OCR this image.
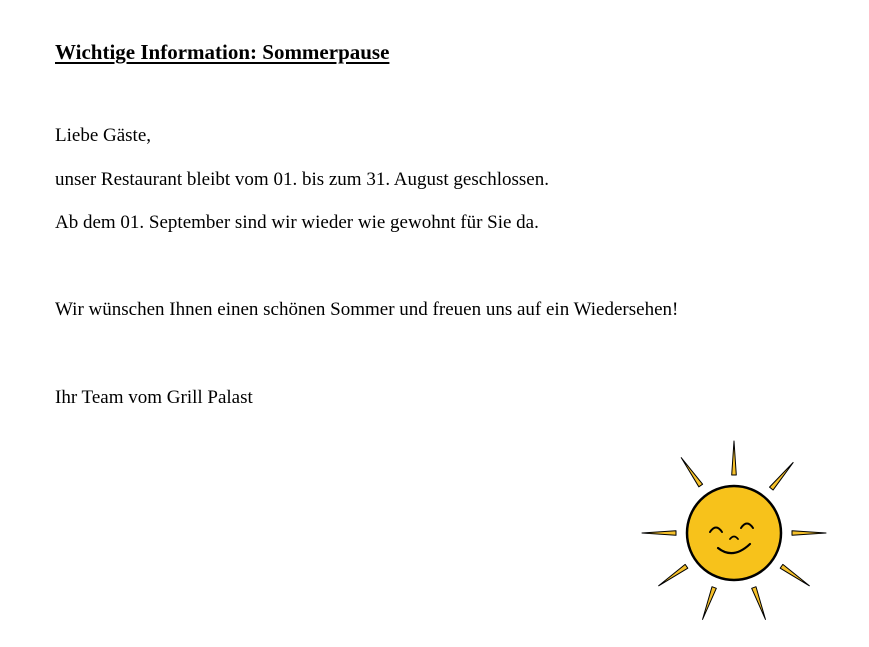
Wichtige Information: Sommerpause

Liebe Gäste,

unser Restaurant bleibt vom 01. bis zum 31. August geschlossen.

Ab dem 01. September sind wir wieder wie gewohnt für Sie da.

Wir wünschen Ihnen einen schönen Sommer und freuen uns auf ein Wiedersehen!

Ihr Team vom Grill Palast
